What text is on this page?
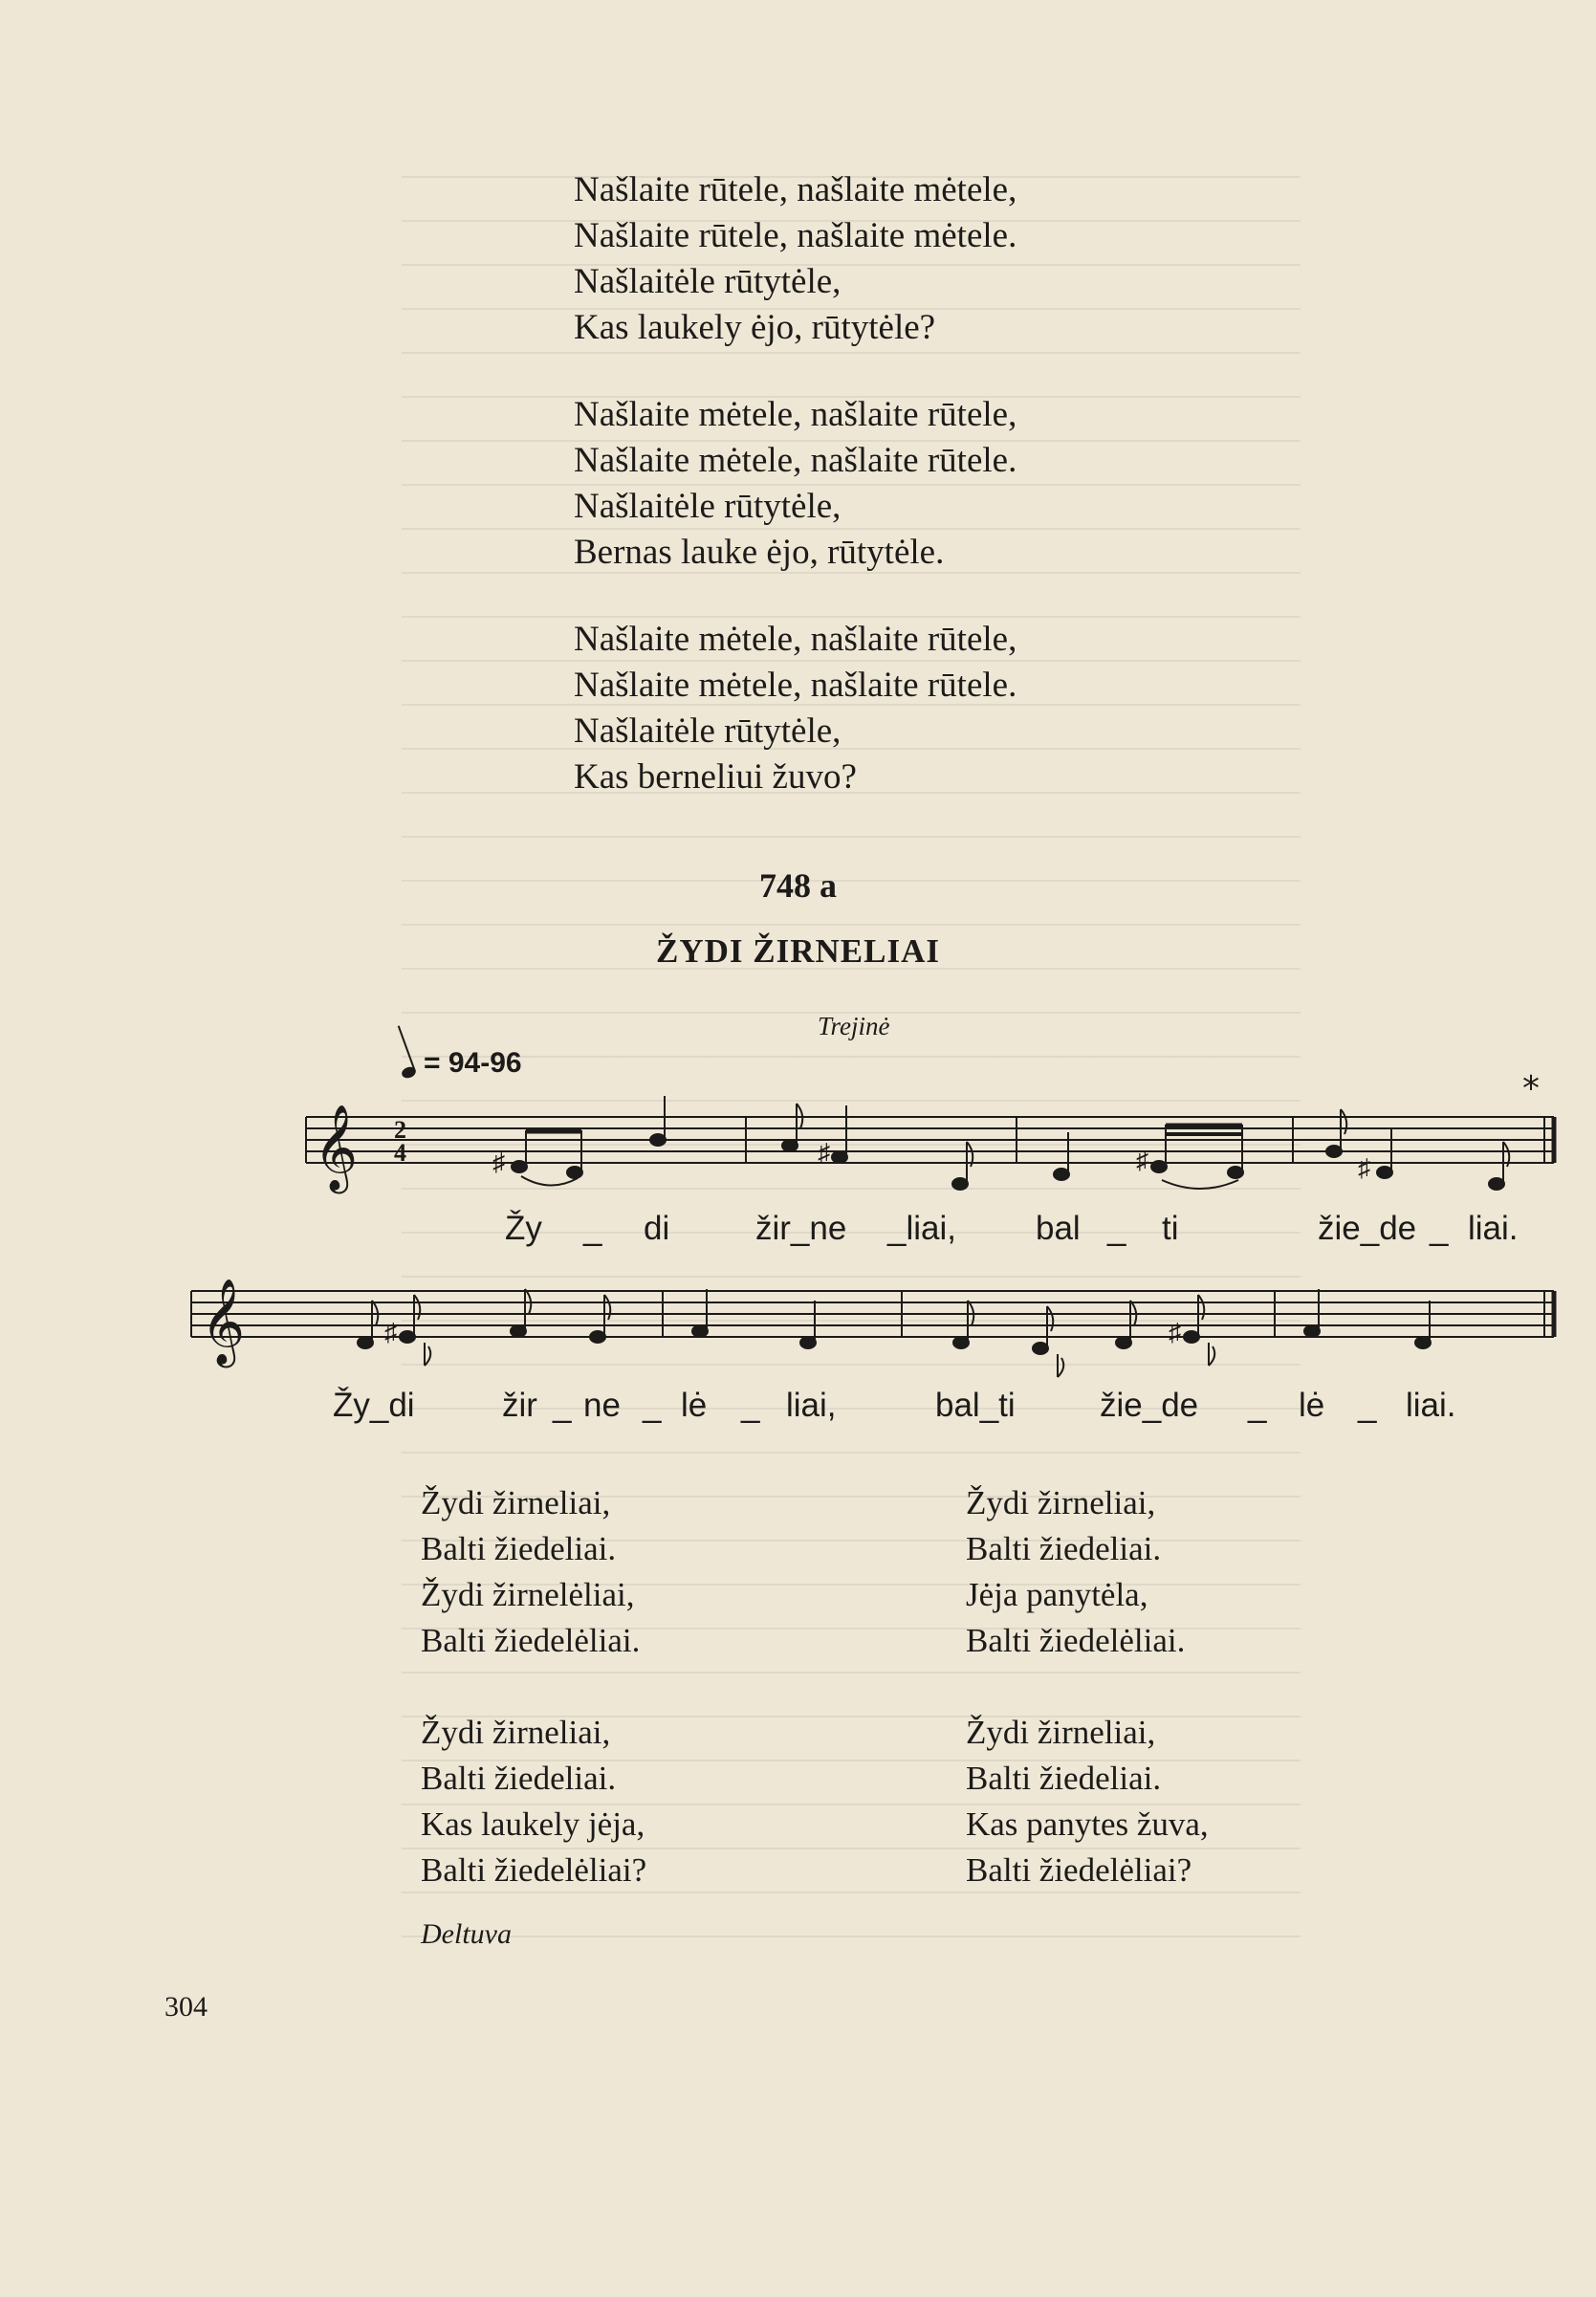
Našlaite rūtele, našlaite mėtele,
Našlaite rūtele, našlaite mėtele.
Našlaitėle rūtytėle,
Kas laukely ėjo, rūtytėle?
Našlaite mėtele, našlaite rūtele,
Našlaite mėtele, našlaite rūtele.
Našlaitėle rūtytėle,
Bernas lauke ėjo, rūtytėle.
Našlaite mėtele, našlaite rūtele,
Našlaite mėtele, našlaite rūtele.
Našlaitėle rūtytėle,
Kas berneliui žuvo?
748 a
ŽYDI ŽIRNELIAI
Trejinė
= 94-96
*
𝄞 2
4	♯	♯	♯	♯
Žy _ di	žir_ne _liai, bal _ ti	žie_de _ liai.
𝄞	♯	♯
Žy_di	žir _ ne _ lė _ liai,	bal_ti	žie_de _ lė _ liai.
Žydi žirneliai,
Balti žiedeliai.
Žydi žirnelėliai,
Balti žiedelėliai.
Žydi žirneliai,
Balti žiedeliai.
Kas laukely jėja,
Balti žiedelėliai?
Žydi žirneliai,
Balti žiedeliai.
Jėja panytėla,
Balti žiedelėliai.
Žydi žirneliai,
Balti žiedeliai.
Kas panytes žuva,
Balti žiedelėliai?
Deltuva
304
